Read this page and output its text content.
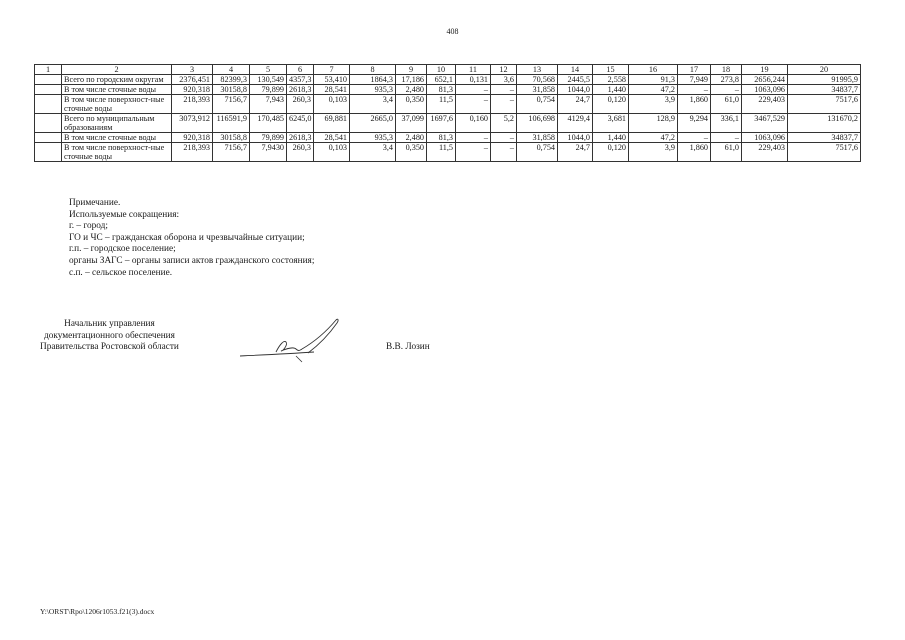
408
1	2	3	4	5	6	7	8	9	10	11	12	13	14	15	16	17	18	19	20
	Всего по городским округам	2376,451	82399,3	130,549	4357,3	53,410	1864,3	17,186	652,1	0,131	3,6	70,568	2445,5	2,558	91,3	7,949	273,8	2656,244	91995,9
	В том числе сточные воды	920,318	30158,8	79,899	2618,3	28,541	935,3	2,480	81,3	–	–	31,858	1044,0	1,440	47,2	–	–	1063,096	34837,7
	В том числе поверхност-ные сточные воды	218,393	7156,7	7,943	260,3	0,103	3,4	0,350	11,5	–	–	0,754	24,7	0,120	3,9	1,860	61,0	229,403	7517,6
	Всего по муниципальным образованиям	3073,912	116591,9	170,485	6245,0	69,881	2665,0	37,099	1697,6	0,160	5,2	106,698	4129,4	3,681	128,9	9,294	336,1	3467,529	131670,2
	В том числе сточные воды	920,318	30158,8	79,899	2618,3	28,541	935,3	2,480	81,3	–	–	31,858	1044,0	1,440	47,2	–	–	1063,096	34837,7
	В том числе поверхност-ные сточные воды	218,393	7156,7	7,9430	260,3	0,103	3,4	0,350	11,5	–	–	0,754	24,7	0,120	3,9	1,860	61,0	229,403	7517,6
Примечание.
Используемые сокращения:
г. – город;
ГО и ЧС – гражданская оборона и чрезвычайные ситуации;
г.п. – городское поселение;
органы ЗАГС – органы записи актов гражданского состояния;
с.п. – сельское поселение.
Начальник управления
документационного обеспечения
Правительства Ростовской области	В.В. Лозин
Y:\ORST\Rpo\1206r1053.f21(3).docx
